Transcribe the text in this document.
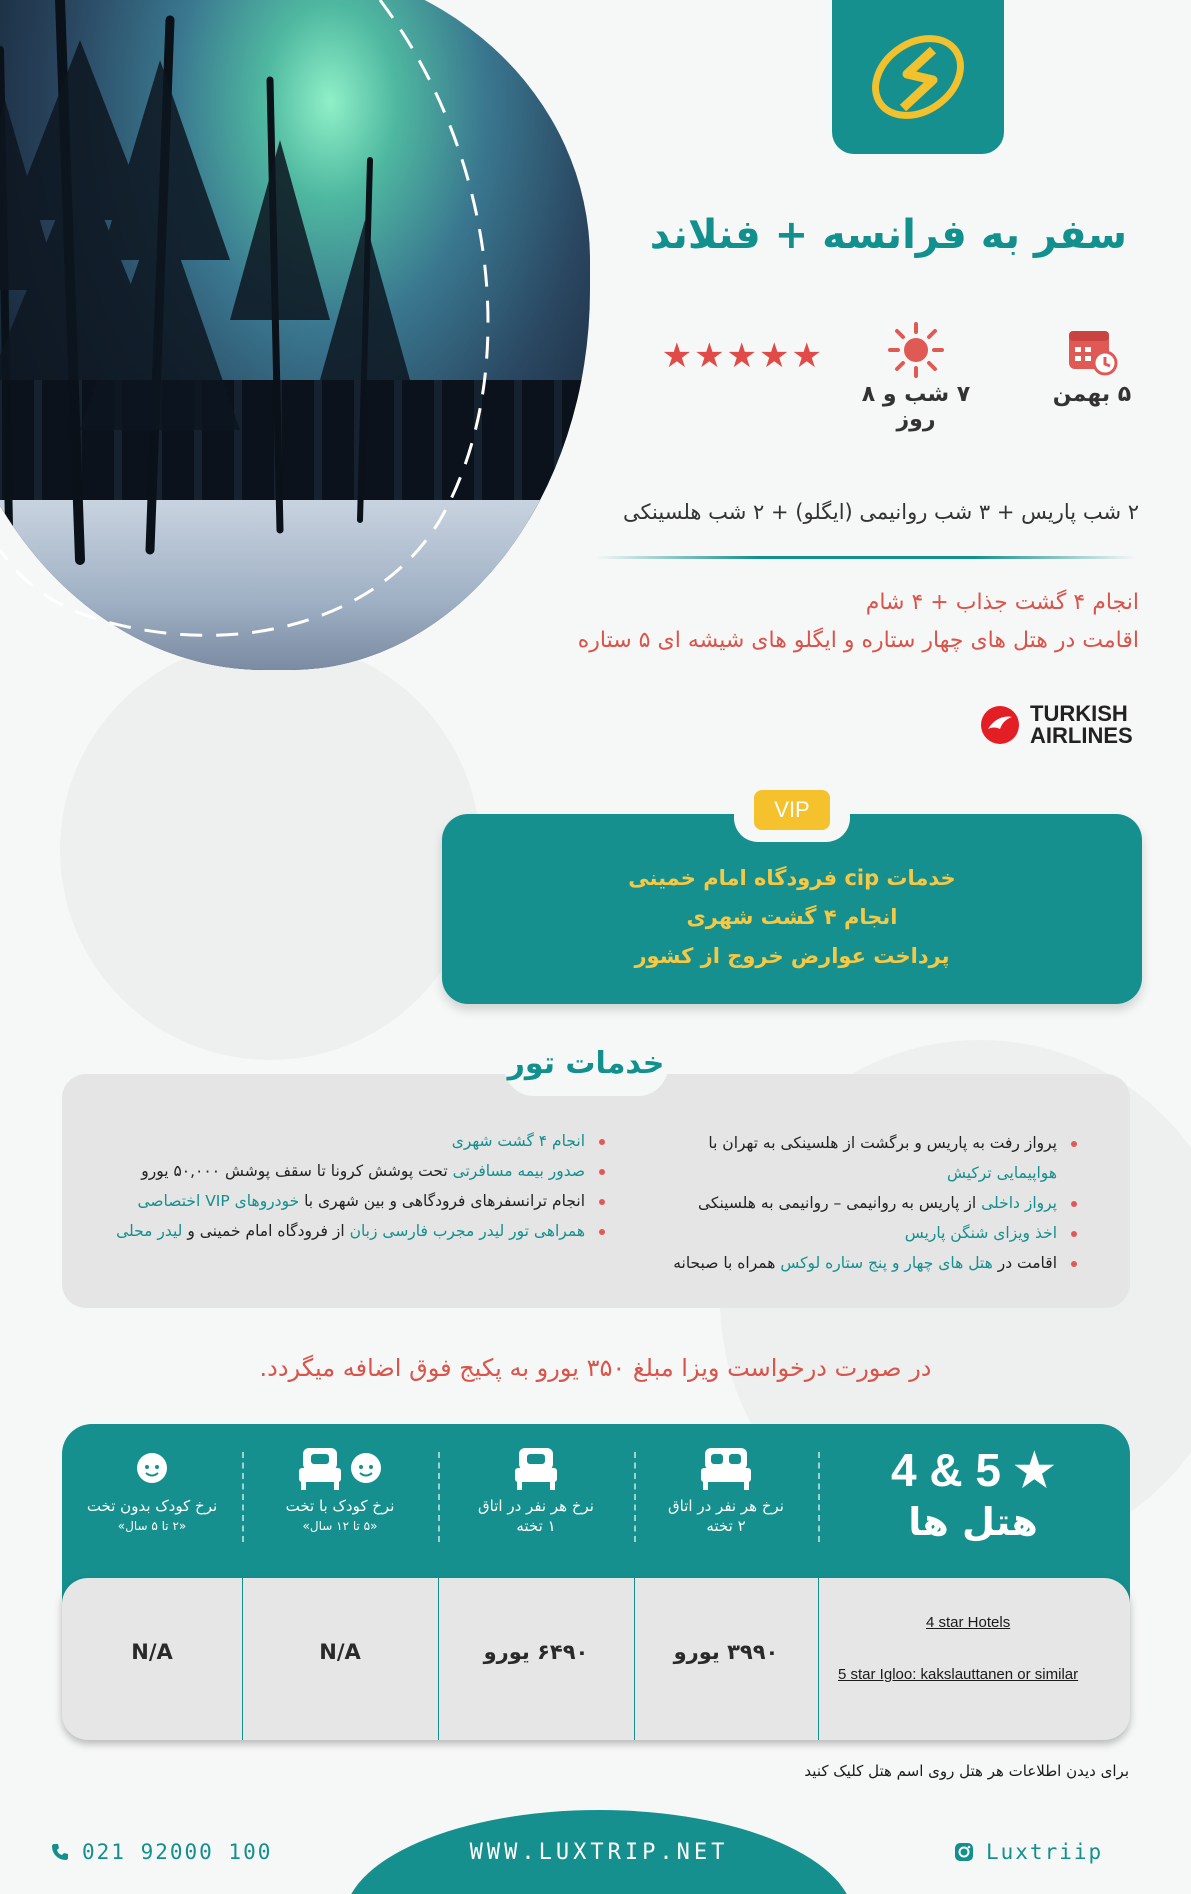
سفر به فرانسه + فنلاند
۵ بهمن
۷ شب و ۸ روز
★★★★★
۲ شب پاریس + ۳ شب روانیمی (ایگلو) + ۲ شب هلسینکی
انجام ۴ گشت جذاب + ۴ شام
اقامت در هتل های چهار ستاره و ایگلو های شیشه ای ۵ ستاره
TURKISH
AIRLINES
VIP
خدمات cip فرودگاه امام خمینی
انجام ۴ گشت شهری
پرداخت عوارض خروج از کشور
خدمات تور
پرواز رفت به پاریس و برگشت از هلسینکی به تهران با
هواپیمایی ترکیش
پرواز داخلی از پاریس به روانیمی – روانیمی به هلسینکی
اخذ ویزای شنگن پاریس
اقامت در هتل های چهار و پنج ستاره لوکس همراه با صبحانه
انجام ۴ گشت شهری
صدور بیمه مسافرتی تحت پوشش کرونا تا سقف پوشش ۵۰,۰۰۰ یورو
انجام ترانسفرهای فرودگاهی و بین شهری با خودروهای VIP اختصاصی
همراهی تور لیدر مجرب فارسی زبان از فرودگاه امام خمینی و لیدر محلی
در صورت درخواست ویزا مبلغ ۳۵۰ یورو به پکیج فوق اضافه میگردد.
4 & 5 ★
هتل ها
نرخ هر نفر در اتاق
۲ تخته
نرخ هر نفر در اتاق
۱ تخته
نرخ کودک با تخت
«۵ تا ۱۲ سال»
نرخ کودک بدون تخت
«۲ تا ۵ سال»
4 star Hotels
5 star Igloo: kakslauttanen or similar
۳۹۹۰ یورو
۶۴۹۰ یورو
N/A
N/A
برای دیدن اطلاعات هر هتل روی اسم هتل کلیک کنید
WWW.LUXTRIP.NET
021 92000 100	Luxtriip
